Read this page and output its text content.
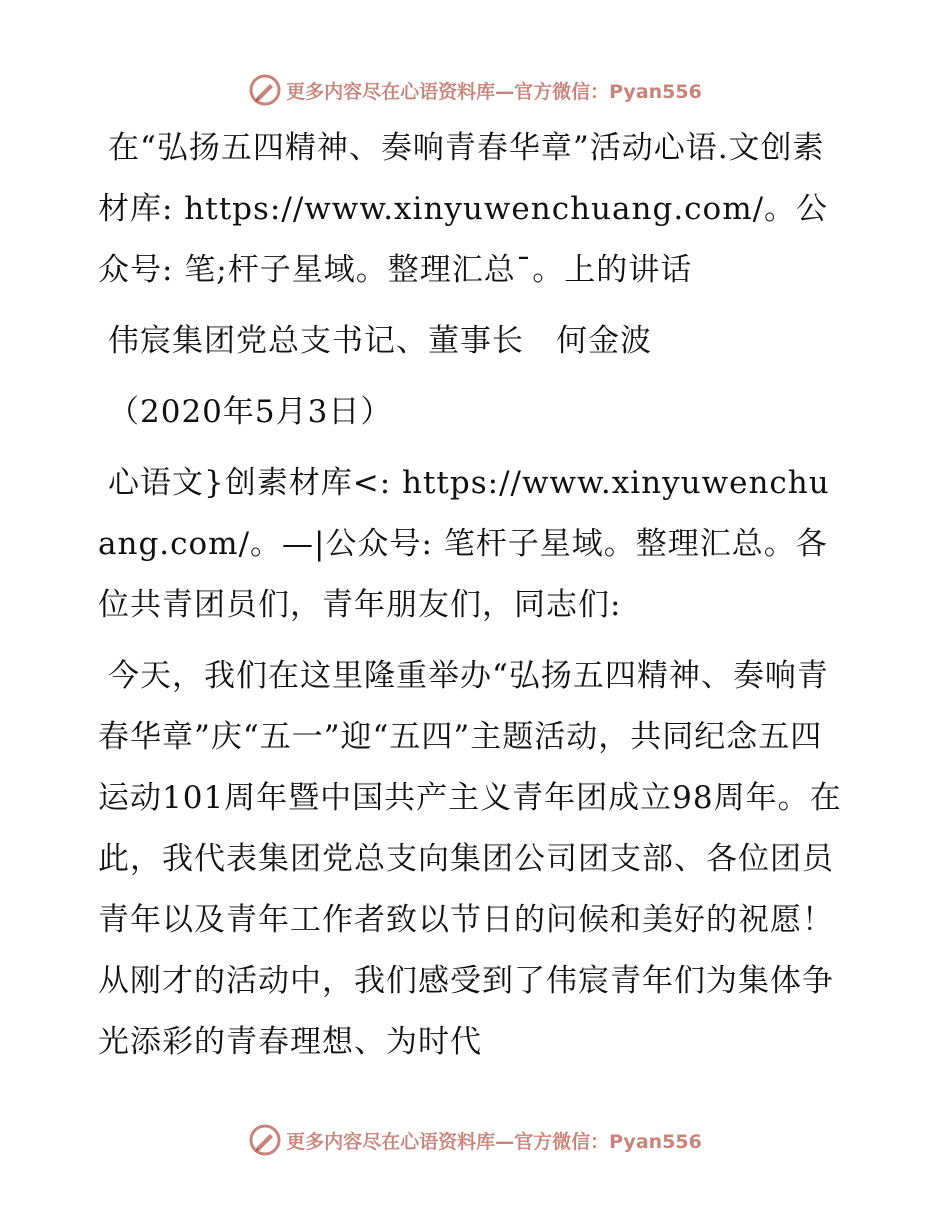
更多内容尽在心语资料库—官方微信：Pyan556

在“弘扬五四精神、奏响青春华章”活动心语.文创素材库: https://www.xinyuwenchuang.com/。公众号: 笔;杆子星域。整理汇总¯。上的讲话

伟宸集团党总支书记、董事长　何金波

（2020年5月3日）

心语文}创素材库<: https://www.xinyuwenchuang.com/。—|公众号: 笔杆子星域。整理汇总。各位共青团员们，青年朋友们，同志们:

今天，我们在这里隆重举办“弘扬五四精神、奏响青春华章”庆“五一”迎“五四”主题活动，共同纪念五四运动101周年暨中国共产主义青年团成立98周年。在此，我代表集团党总支向集团公司团支部、各位团员青年以及青年工作者致以节日的问候和美好的祝愿！从刚才的活动中，我们感受到了伟宸青年们为集体争光添彩的青春理想、为时代

更多内容尽在心语资料库—官方微信：Pyan556
